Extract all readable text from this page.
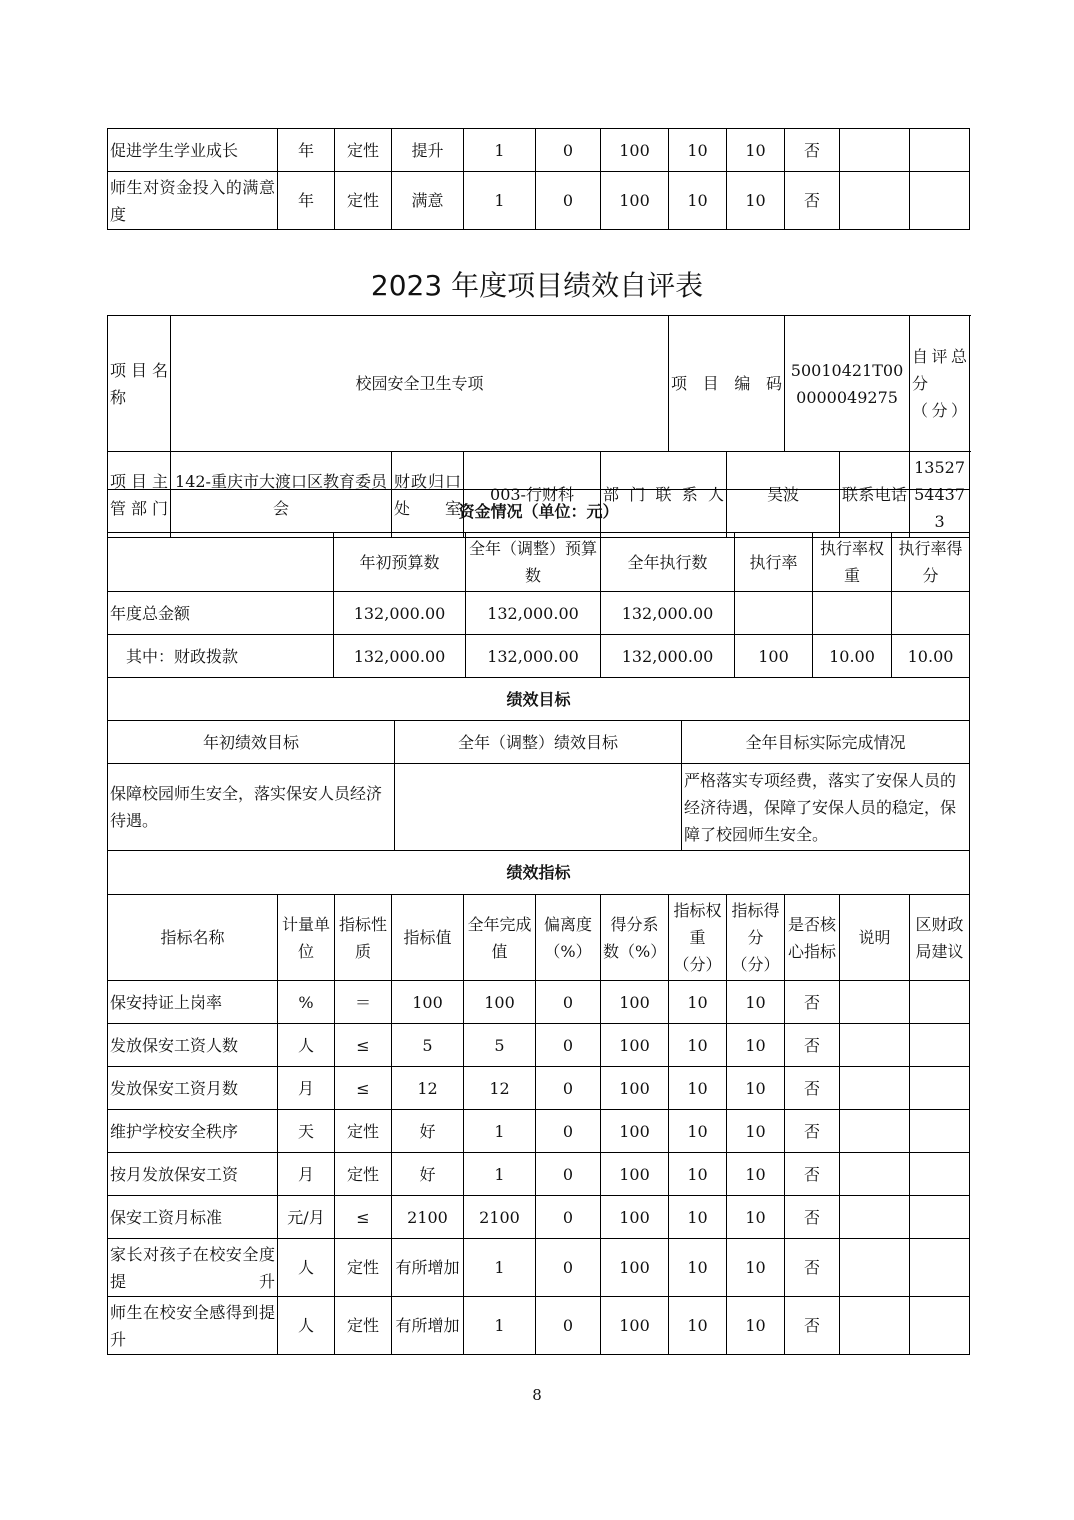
促进学生学业成长	年	定性	提升	1	0	100	10	10	否		
师生对资金投入的满意度	年	定性	满意	1	0	100	10	10	否		
2023 年度项目绩效自评表
项目名称	校园安全卫生专项				项目编码		50010421T000000049275		自评总分（分）	
项目主管部门	142-重庆市大渡口区教育委员会	财政归口处室	003-行财科	部门联系人		吴波		联系电话	13527544373	
资金情况（单位：元）						
	年初预算数	全年（调整）预算数	全年执行数	执行率	执行率权重	执行率得分
年度总金额	132,000.00	132,000.00	132,000.00			
其中：财政拨款	132,000.00	132,000.00	132,000.00	100	10.00	10.00
绩效目标		
年初绩效目标	全年（调整）绩效目标	全年目标实际完成情况
保障校园师生安全，落实保安人员经济待遇。		严格落实专项经费，落实了安保人员的经济待遇，保障了安保人员的稳定，保障了校园师生安全。
绩效指标											
指标名称	计量单位	指标性质	指标值	全年完成值	偏离度（%）	得分系数（%）	指标权重（分）	指标得分（分）	是否核心指标	说明	区财政局建议
保安持证上岗率	%	＝	100	100	0	100	10	10	否		
发放保安工资人数	人	≤	5	5	0	100	10	10	否		
发放保安工资月数	月	≤	12	12	0	100	10	10	否		
维护学校安全秩序	天	定性	好	1	0	100	10	10	否		
按月发放保安工资	月	定性	好	1	0	100	10	10	否		
保安工资月标准	元/月	≤	2100	2100	0	100	10	10	否		
家长对孩子在校安全度提升	人	定性	有所增加	1	0	100	10	10	否		
师生在校安全感得到提升	人	定性	有所增加	1	0	100	10	10	否		
8
